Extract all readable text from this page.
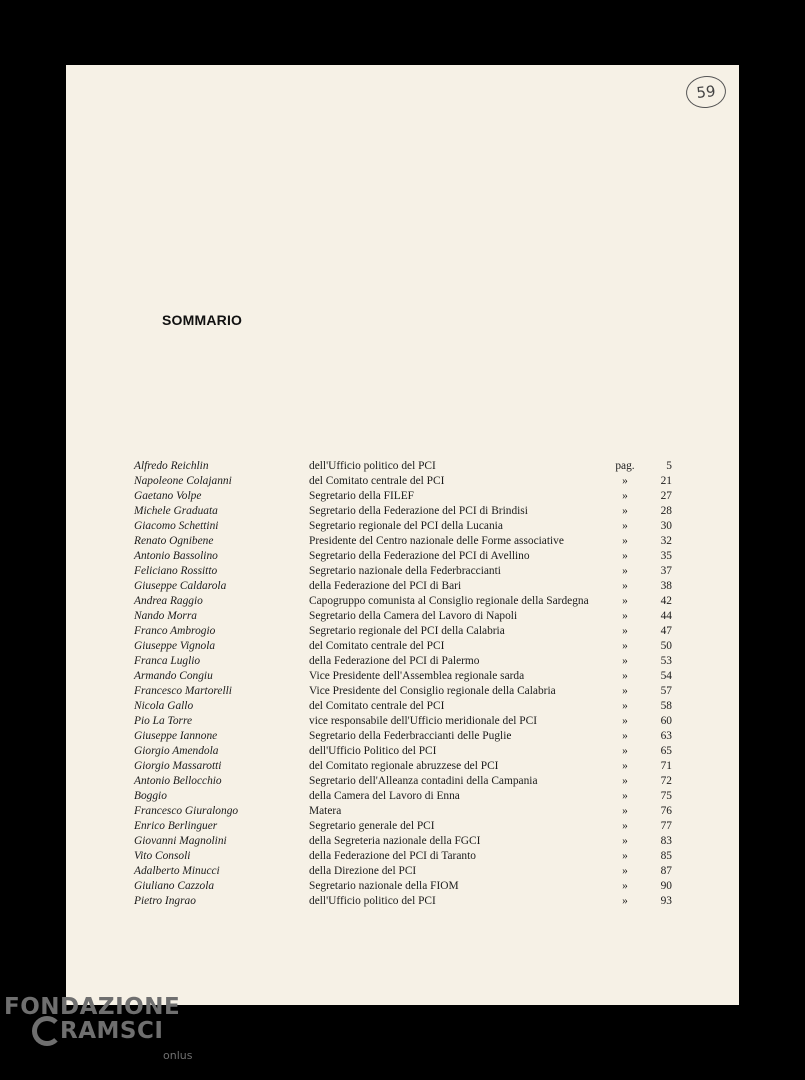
59
SOMMARIO
Alfredo Reichlin	dell'Ufficio politico del PCI	pag.	5
Napoleone Colajanni	del Comitato centrale del PCI	»	21
Gaetano Volpe	Segretario della FILEF	»	27
Michele Graduata	Segretario della Federazione del PCI di Brindisi	»	28
Giacomo Schettini	Segretario regionale del PCI della Lucania	»	30
Renato Ognibene	Presidente del Centro nazionale delle Forme associative	»	32
Antonio Bassolino	Segretario della Federazione del PCI di Avellino	»	35
Feliciano Rossitto	Segretario nazionale della Federbraccianti	»	37
Giuseppe Caldarola	della Federazione del PCI di Bari	»	38
Andrea Raggio	Capogruppo comunista al Consiglio regionale della Sardegna	»	42
Nando Morra	Segretario della Camera del Lavoro di Napoli	»	44
Franco Ambrogio	Segretario regionale del PCI della Calabria	»	47
Giuseppe Vignola	del Comitato centrale del PCI	»	50
Franca Luglio	della Federazione del PCI di Palermo	»	53
Armando Congiu	Vice Presidente dell'Assemblea regionale sarda	»	54
Francesco Martorelli	Vice Presidente del Consiglio regionale della Calabria	»	57
Nicola Gallo	del Comitato centrale del PCI	»	58
Pio La Torre	vice responsabile dell'Ufficio meridionale del PCI	»	60
Giuseppe Iannone	Segretario della Federbraccianti delle Puglie	»	63
Giorgio Amendola	dell'Ufficio Politico del PCI	»	65
Giorgio Massarotti	del Comitato regionale abruzzese del PCI	»	71
Antonio Bellocchio	Segretario dell'Alleanza contadini della Campania	»	72
Boggio	della Camera del Lavoro di Enna	»	75
Francesco Giuralongo	Matera	»	76
Enrico Berlinguer	Segretario generale del PCI	»	77
Giovanni Magnolini	della Segreteria nazionale della FGCI	»	83
Vito Consoli	della Federazione del PCI di Taranto	»	85
Adalberto Minucci	della Direzione del PCI	»	87
Giuliano Cazzola	Segretario nazionale della FIOM	»	90
Pietro Ingrao	dell'Ufficio politico del PCI	»	93
FONDAZIONE
RAMSCI
onlus
